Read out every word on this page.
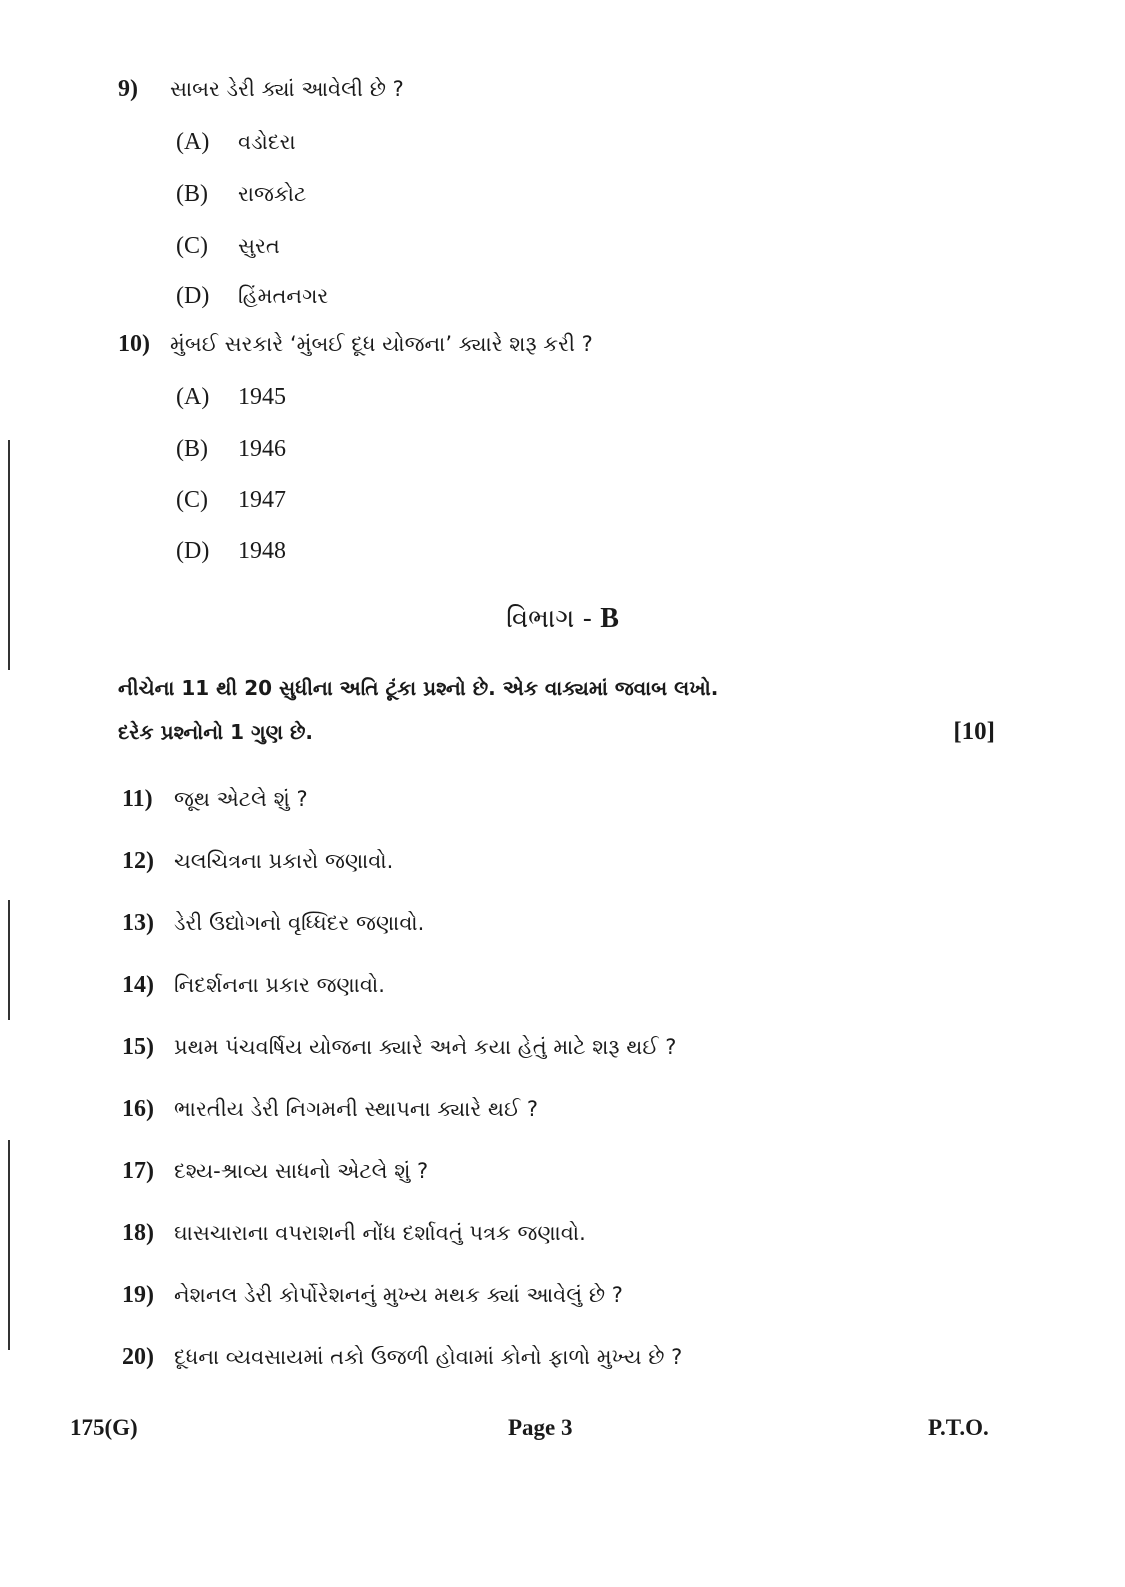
9) સાબર ડેરી ક્યાં આવેલી છે ?
(A) વડોદરા
(B) રાજકોટ
(C) સુરત
(D) હિંમતનગર
10) મુંબઈ સરકારે ‘મુંબઈ દૂધ યોજના’ ક્યારે શરૂ કરી ?
(A) 1945
(B) 1946
(C) 1947
(D) 1948
વિભાગ - B
નીચેના 11 થી 20 સુધીના અતિ ટૂંકા પ્રશ્નો છે. એક વાક્યમાં જવાબ લખો.
દરેક પ્રશ્નોનો 1 ગુણ છે.	[10]
11) જૂથ એટલે શું ?
12) ચલચિત્રના પ્રકારો જણાવો.
13) ડેરી ઉદ્યોગનો વૃધ્ધિદર જણાવો.
14) નિદર્શનના પ્રકાર જણાવો.
15) પ્રથમ પંચવર્ષિય યોજના ક્યારે અને કયા હેતું માટે શરૂ થઈ ?
16) ભારતીય ડેરી નિગમની સ્થાપના ક્યારે થઈ ?
17) દશ્ય-શ્રાવ્ય સાધનો એટલે શું ?
18) ઘાસચારાના વપરાશની નોંધ દર્શાવતું પત્રક જણાવો.
19) નેશનલ ડેરી કોર્પોરેશનનું મુખ્ય મથક ક્યાં આવેલું છે ?
20) દૂધના વ્યવસાયમાં તકો ઉજળી હોવામાં કોનો ફાળો મુખ્ય છે ?
175(G)	Page 3	P.T.O.
